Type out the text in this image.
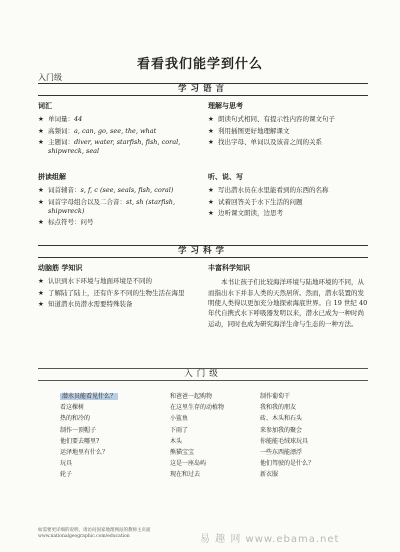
看看我们能学到什么
入门级
学习语言
词汇
★ 单词量：44
★ 高频词：a, can, go, see, the, what
★ 主题词：diver, water, starfish, fish, coral, shipwreck, seal
理解与思考
★ 朗读句式相同、有提示性内容的课文句子
★ 利用插图更好地理解课文
★ 找出字母、单词以及该音之间的关系
拼读组解
★ 词首辅音：s, f, c (see, seals, fish, coral)
★ 词首字母组合以及二合音：st, sh (starfish, shipwreck)
★ 标点符号：问号
听、说、写
★ 写出潜水员在水里能看到的东西的名称
★ 试着回答关于水下生活的问题
★ 边听课文朗读，边思考
学习科学
动脑筋 学知识
★ 认识到水下环境与地面环境是不同的
★ 了解陆了陆上，还有许多不同的生物生活在海里
★ 知道潜水员潜水需要特殊装备
丰富科学知识

本书让孩子们比较海洋环境与陆地环境的不同，从而指出水下并非人类的天然居所。然而，潜水装置的发明使人类得以更加充分地探索海底世界。自 19 世纪 40 年代自携式水下呼吸器发明以来，潜水已成为一种时尚运动，同时也成为研究海洋生命与生态的一种方法。

入门级
潜水员能看见什么？
看这棵树
热的和冷的
制作一顶帽子
他们要去哪里?
运泽地里有什么？
玩具
轮子
和爸爸一起购物
在这里生存的动植物
小鲨鱼
下雨了
木头
熊猫宝宝
这是一座岛屿
现在和过去
制作葡萄干
我和我的朋友
砖、木头和石头
来参加我的聚会
你能能毛绒球玩具
一些东西能漂浮
他们驾驶的是什么？
新衣服
如需要更详细的说明，请访问国家地理网站的教师主页面
www.nationalgeographic.com/education	易 趣 网 www.ebama.net
